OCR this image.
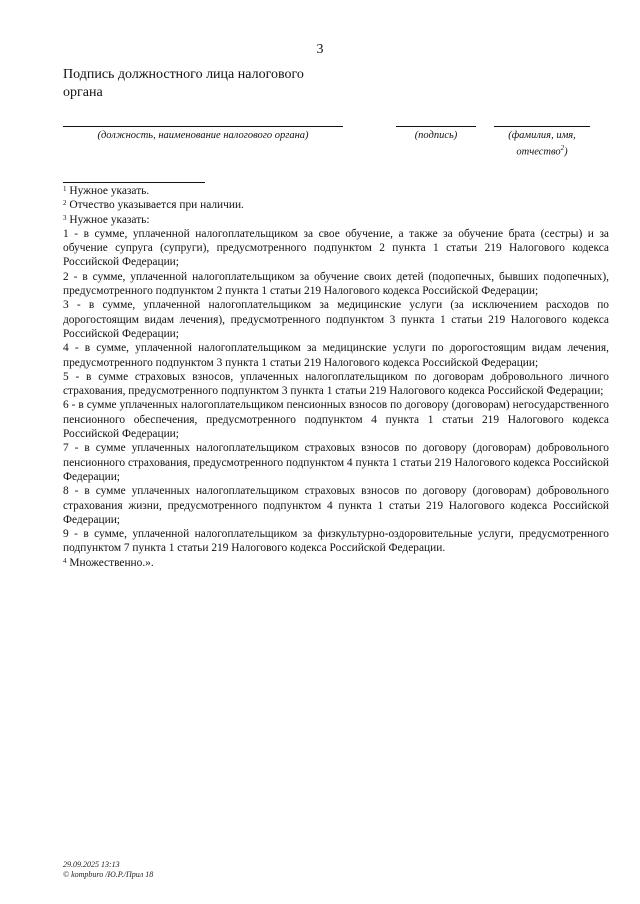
3
Подпись должностного лица налогового органа
(должность, наименование налогового органа)	(подпись)	(фамилия, имя, отчество$^2$)

$^1$ Нужное указать.

$^2$ Отчество указывается при наличии.

$^3$ Нужное указать:

1 - в сумме, уплаченной налогоплательщиком за свое обучение, а также за обучение брата (сестры) и за обучение супруга (супруги), предусмотренного подпунктом 2 пункта 1 статьи 219 Налогового кодекса Российской Федерации;

2 - в сумме, уплаченной налогоплательщиком за обучение своих детей (подопечных, бывших подопечных), предусмотренного подпунктом 2 пункта 1 статьи 219 Налогового кодекса Российской Федерации;

3 - в сумме, уплаченной налогоплательщиком за медицинские услуги (за исключением расходов по дорогостоящим видам лечения), предусмотренного подпунктом 3 пункта 1 статьи 219 Налогового кодекса Российской Федерации;

4 - в сумме, уплаченной налогоплательщиком за медицинские услуги по дорогостоящим видам лечения, предусмотренного подпунктом 3 пункта 1 статьи 219 Налогового кодекса Российской Федерации;

5 - в сумме страховых взносов, уплаченных налогоплательщиком по договорам добровольного личного страхования, предусмотренного подпунктом 3 пункта 1 статьи 219 Налогового кодекса Российской Федерации;

6 - в сумме уплаченных налогоплательщиком пенсионных взносов по договору (договорам) негосударственного пенсионного обеспечения, предусмотренного подпунктом 4 пункта 1 статьи 219 Налогового кодекса Российской Федерации;

7 - в сумме уплаченных налогоплательщиком страховых взносов по договору (договорам) добровольного пенсионного страхования, предусмотренного подпунктом 4 пункта 1 статьи 219 Налогового кодекса Российской Федерации;

8 - в сумме уплаченных налогоплательщиком страховых взносов по договору (договорам) добровольного страхования жизни, предусмотренного подпунктом 4 пункта 1 статьи 219 Налогового кодекса Российской Федерации;

9 - в сумме, уплаченной налогоплательщиком за физкультурно-оздоровительные услуги, предусмотренного подпунктом 7 пункта 1 статьи 219 Налогового кодекса Российской Федерации.

$^4$ Множественно.».

29.09.2025 13:13
© kompburo /Ю.Р./Прил 18
